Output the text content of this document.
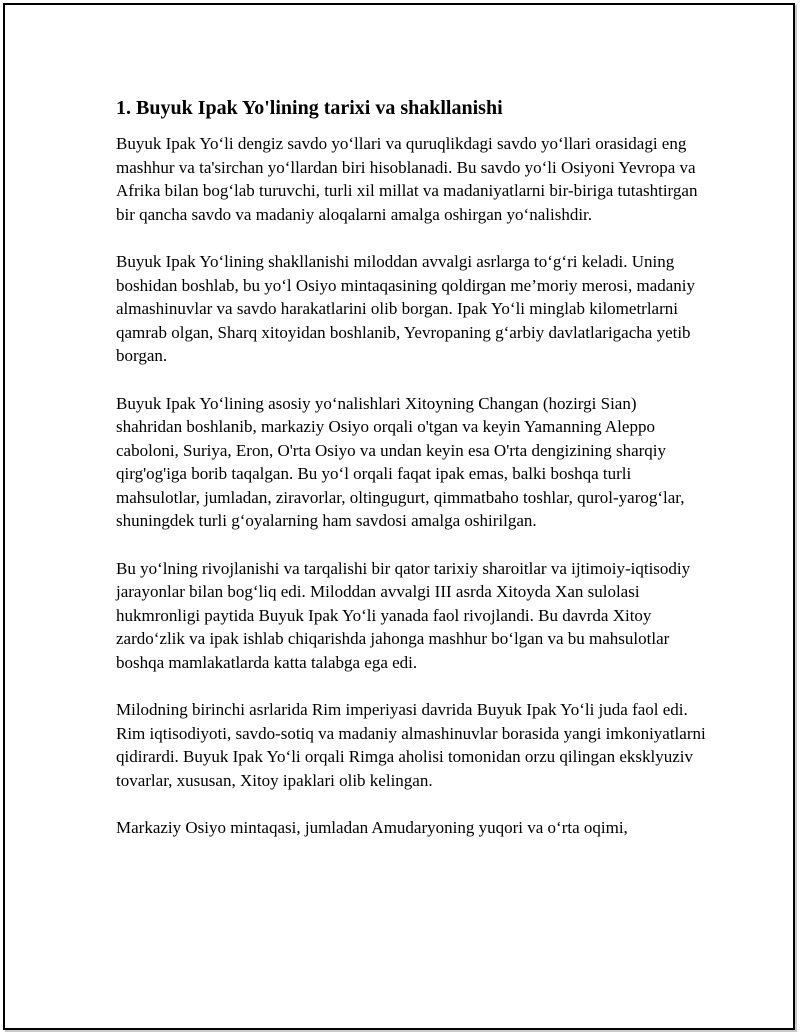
1. Buyuk Ipak Yo'lining tarixi va shakllanishi

Buyuk Ipak Yo‘li dengiz savdo yo‘llari va quruqlikdagi savdo yo‘llari orasidagi eng mashhur va ta'sirchan yo‘llardan biri hisoblanadi. Bu savdo yo‘li Osiyoni Yevropa va Afrika bilan bog‘lab turuvchi, turli xil millat va madaniyatlarni bir-biriga tutashtirgan bir qancha savdo va madaniy aloqalarni amalga oshirgan yo‘nalishdir.

Buyuk Ipak Yo‘lining shakllanishi miloddan avvalgi asrlarga to‘g‘ri keladi. Uning boshidan boshlab, bu yo‘l Osiyo mintaqasining qoldirgan me’moriy merosi, madaniy almashinuvlar va savdo harakatlarini olib borgan. Ipak Yo‘li minglab kilometrlarni qamrab olgan, Sharq xitoyidan boshlanib, Yevropaning g‘arbiy davlatlarigacha yetib borgan.

Buyuk Ipak Yo‘lining asosiy yo‘nalishlari Xitoyning Changan (hozirgi Sian) shahridan boshlanib, markaziy Osiyo orqali o'tgan va keyin Yamanning Aleppo caboloni, Suriya, Eron, O'rta Osiyo va undan keyin esa O'rta dengizining sharqiy qirg'og'iga borib taqalgan. Bu yo‘l orqali faqat ipak emas, balki boshqa turli mahsulotlar, jumladan, ziravorlar, oltingugurt, qimmatbaho toshlar, qurol-yarog‘lar, shuningdek turli g‘oyalarning ham savdosi amalga oshirilgan.

Bu yo‘lning rivojlanishi va tarqalishi bir qator tarixiy sharoitlar va ijtimoiy-iqtisodiy jarayonlar bilan bog‘liq edi. Miloddan avvalgi III asrda Xitoyda Xan sulolasi hukmronligi paytida Buyuk Ipak Yo‘li yanada faol rivojlandi. Bu davrda Xitoy zardo‘zlik va ipak ishlab chiqarishda jahonga mashhur bo‘lgan va bu mahsulotlar boshqa mamlakatlarda katta talabga ega edi.

Milodning birinchi asrlarida Rim imperiyasi davrida Buyuk Ipak Yo‘li juda faol edi. Rim iqtisodiyoti, savdo-sotiq va madaniy almashinuvlar borasida yangi imkoniyatlarni qidirardi. Buyuk Ipak Yo‘li orqali Rimga aholisi tomonidan orzu qilingan eksklyuziv tovarlar, xususan, Xitoy ipaklari olib kelingan.

Markaziy Osiyo mintaqasi, jumladan Amudaryoning yuqori va o‘rta oqimi,
